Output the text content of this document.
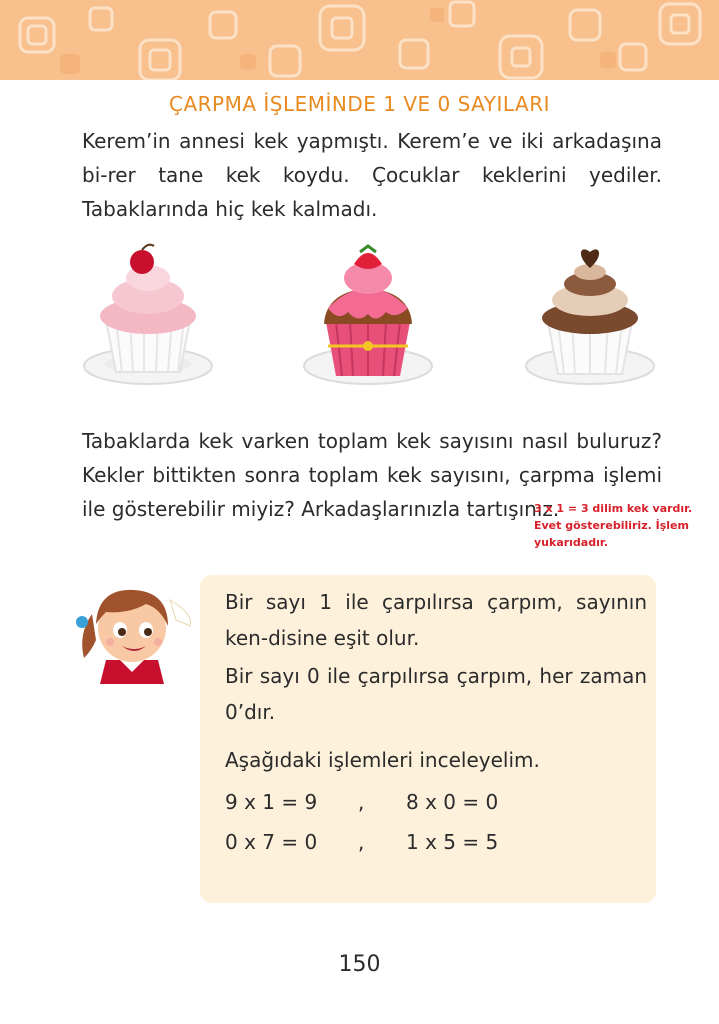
ÇARPMA İŞLEMİNDE 1 VE 0 SAYILARI
Kerem’in annesi kek yapmıştı. Kerem’e ve iki arkadaşına bi-rer tane kek koydu. Çocuklar keklerini yediler. Tabaklarında hiç kek kalmadı.
Tabaklarda kek varken toplam kek sayısını nasıl buluruz? Kekler bittikten sonra toplam kek sayısını, çarpma işlemi ile gösterebilir miyiz? Arkadaşlarınızla tartışınız.
3 x 1 = 3 dilim kek vardır. Evet gösterebiliriz. İşlem yukarıdadır.
Bir sayı 1 ile çarpılırsa çarpım, sayının ken-disine eşit olur.
Bir sayı 0 ile çarpılırsa çarpım, her zaman 0’dır.
Aşağıdaki işlemleri inceleyelim.
9 x 1 = 9 , 8 x 0 = 0
0 x 7 = 0 , 1 x 5 = 5
150
